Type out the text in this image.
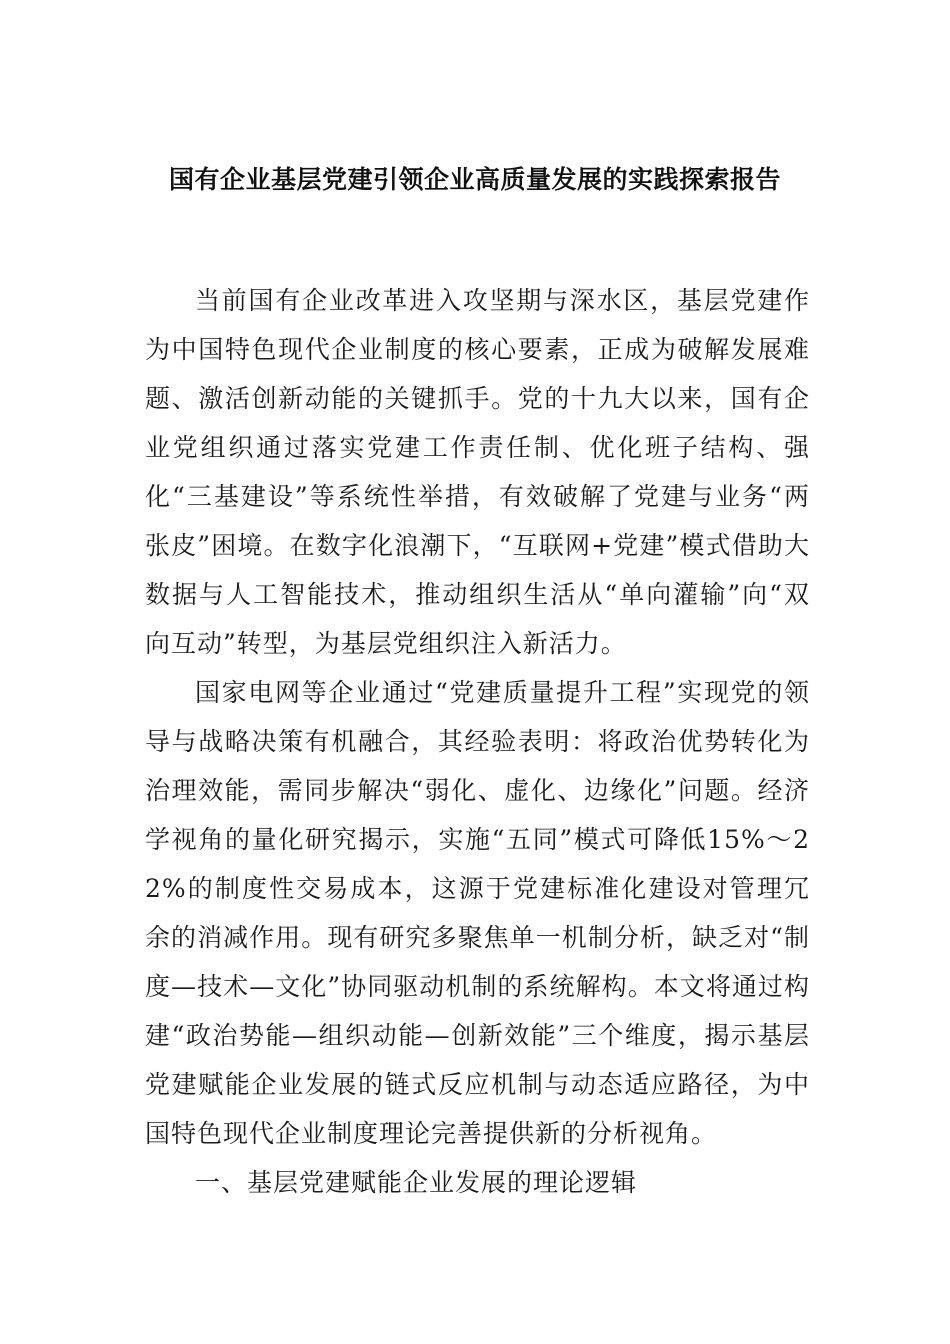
国有企业基层党建引领企业高质量发展的实践探索报告

当前国有企业改革进入攻坚期与深水区，基层党建作为中国特色现代企业制度的核心要素，正成为破解发展难题、激活创新动能的关键抓手。党的十九大以来，国有企业党组织通过落实党建工作责任制、优化班子结构、强化“三基建设”等系统性举措，有效破解了党建与业务“两张皮”困境。在数字化浪潮下，“互联网+党建”模式借助大数据与人工智能技术，推动组织生活从“单向灌输”向“双向互动”转型，为基层党组织注入新活力。

国家电网等企业通过“党建质量提升工程”实现党的领导与战略决策有机融合，其经验表明：将政治优势转化为治理效能，需同步解决“弱化、虚化、边缘化”问题。经济学视角的量化研究揭示，实施“五同”模式可降低15%～22%的制度性交易成本，这源于党建标准化建设对管理冗余的消减作用。现有研究多聚焦单一机制分析，缺乏对“制度—技术—文化”协同驱动机制的系统解构。本文将通过构建“政治势能—组织动能—创新效能”三个维度，揭示基层党建赋能企业发展的链式反应机制与动态适应路径，为中国特色现代企业制度理论完善提供新的分析视角。

一、基层党建赋能企业发展的理论逻辑
